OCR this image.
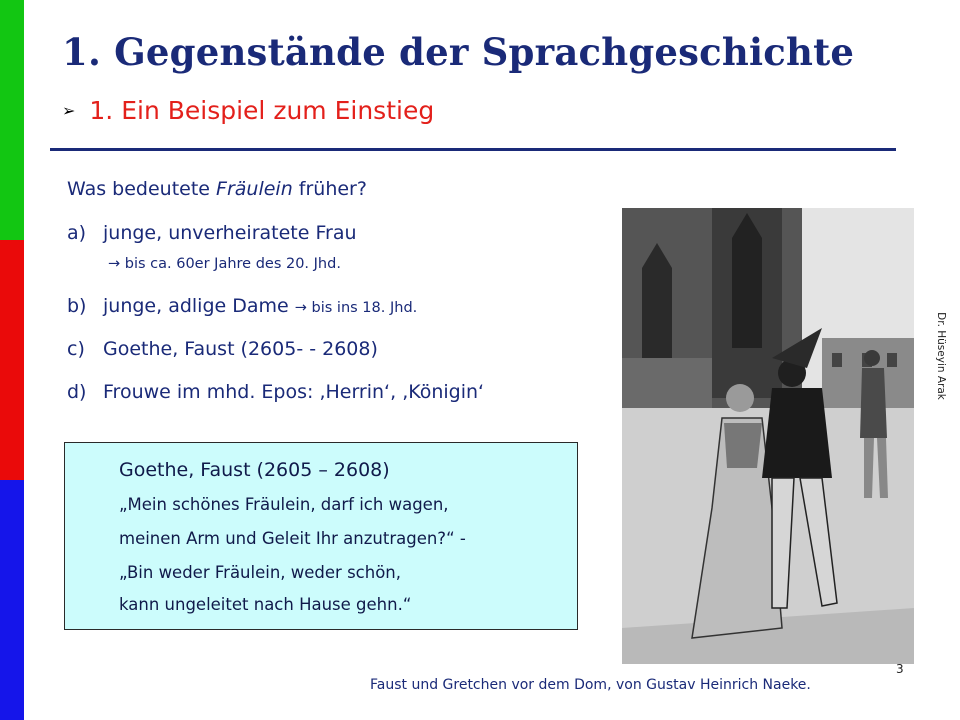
1. Gegenstände der Sprachgeschichte
➢ 1. Ein Beispiel zum Einstieg
Was bedeutete Fräulein früher?
a) junge, unverheiratete Frau
→ bis ca. 60er Jahre des 20. Jhd.
b) junge, adlige Dame → bis ins 18. Jhd.
c) Goethe, Faust (2605- - 2608)
d) Frouwe im mhd. Epos: ‚Herrin‘, ‚Königin‘
Goethe, Faust (2605 – 2608)
„Mein schönes Fräulein, darf ich wagen,
meinen Arm und Geleit Ihr anzutragen?“ -
„Bin weder Fräulein, weder schön,
kann ungeleitet nach Hause gehn.“
Dr. Hüseyin Arak
3
Faust und Gretchen vor dem Dom, von Gustav Heinrich Naeke.
